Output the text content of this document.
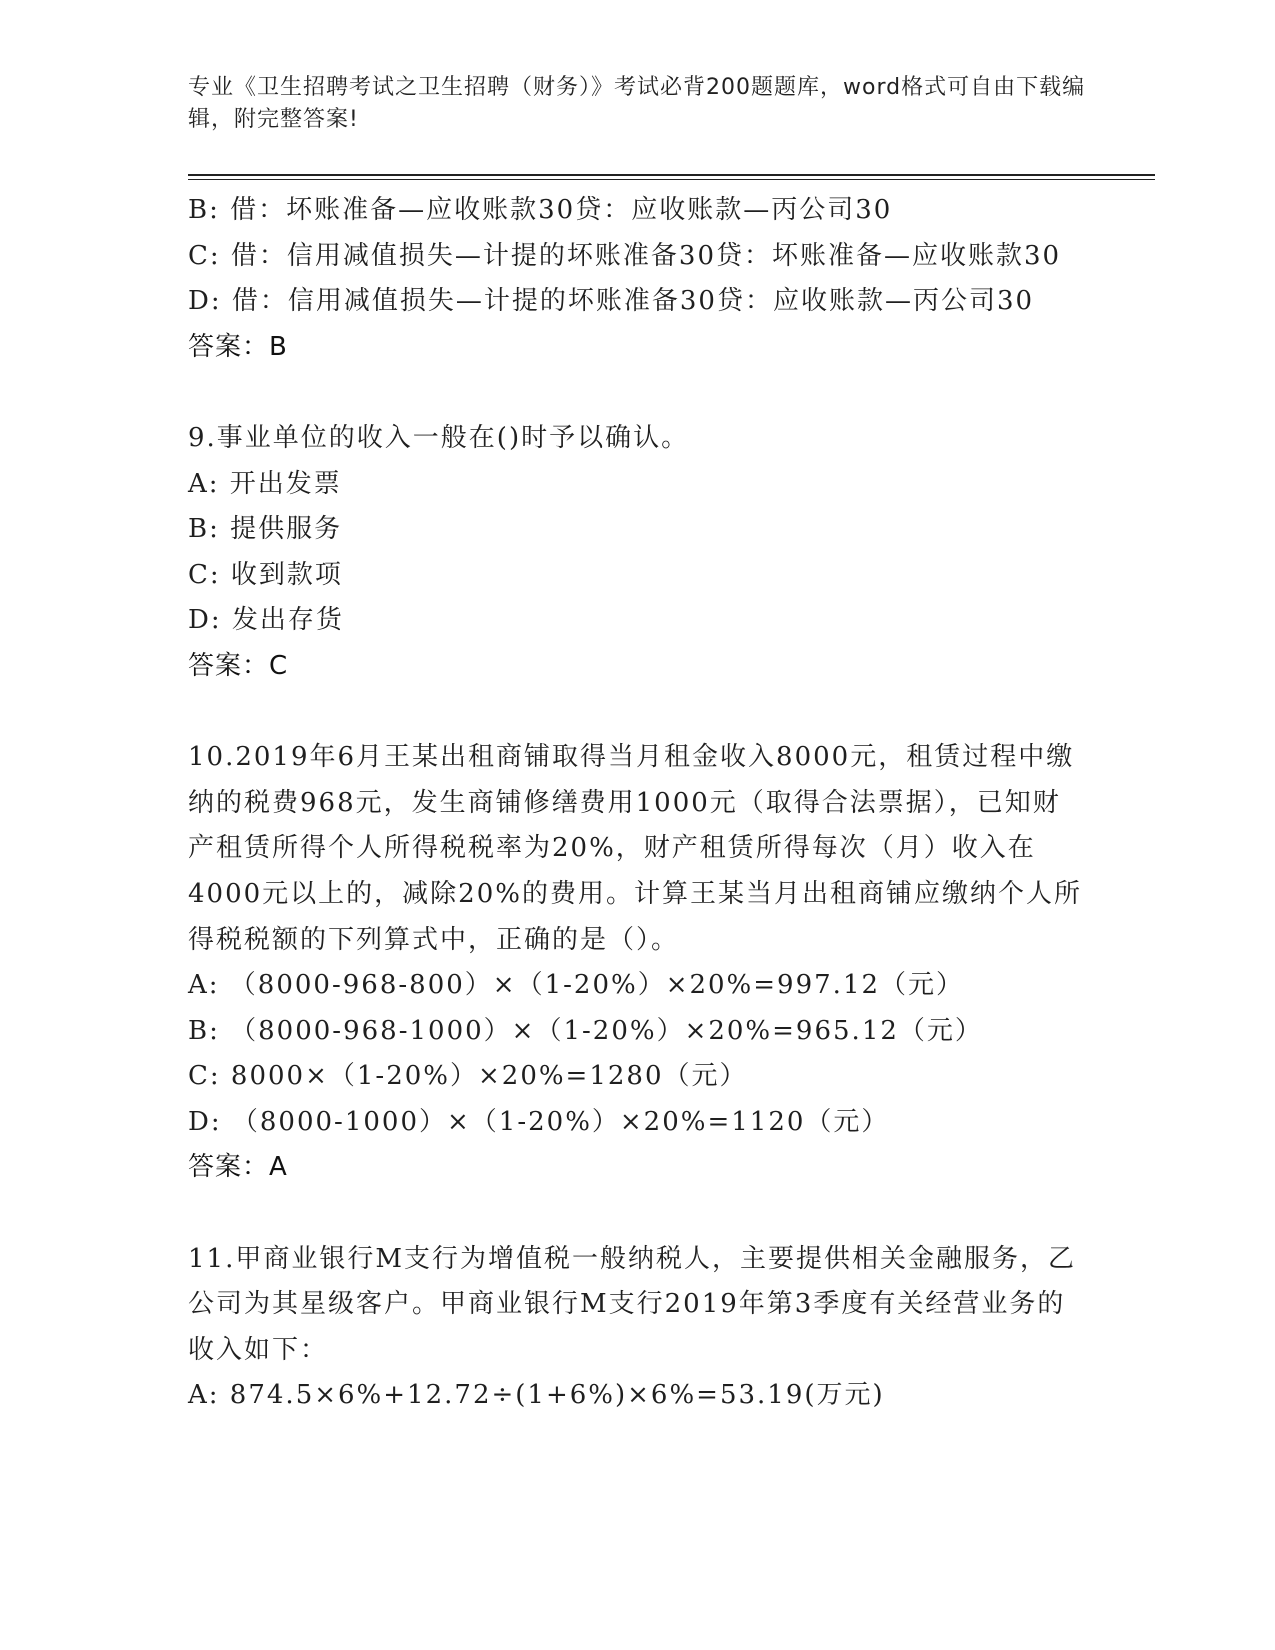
专业《卫生招聘考试之卫生招聘（财务）》考试必背200题题库，word格式可自由下载编辑，附完整答案!
B: 借：坏账准备—应收账款30贷：应收账款—丙公司30
C: 借：信用减值损失—计提的坏账准备30贷：坏账准备—应收账款30
D: 借：信用减值损失—计提的坏账准备30贷：应收账款—丙公司30
答案：B
9.事业单位的收入一般在()时予以确认。
A: 开出发票
B: 提供服务
C: 收到款项
D: 发出存货
答案：C
10.2019年6月王某出租商铺取得当月租金收入8000元，租赁过程中缴纳的税费968元，发生商铺修缮费用1000元（取得合法票据），已知财产租赁所得个人所得税税率为20%，财产租赁所得每次（月）收入在4000元以上的，减除20%的费用。计算王某当月出租商铺应缴纳个人所得税税额的下列算式中，正确的是（）。
A: （8000-968-800）×（1-20%）×20%=997.12（元）
B: （8000-968-1000）×（1-20%）×20%=965.12（元）
C: 8000×（1-20%）×20%=1280（元）
D: （8000-1000）×（1-20%）×20%=1120（元）
答案：A
11.甲商业银行M支行为增值税一般纳税人，主要提供相关金融服务，乙公司为其星级客户。甲商业银行M支行2019年第3季度有关经营业务的收入如下：
A: 874.5×6%+12.72÷(1+6%)×6%=53.19(万元)
